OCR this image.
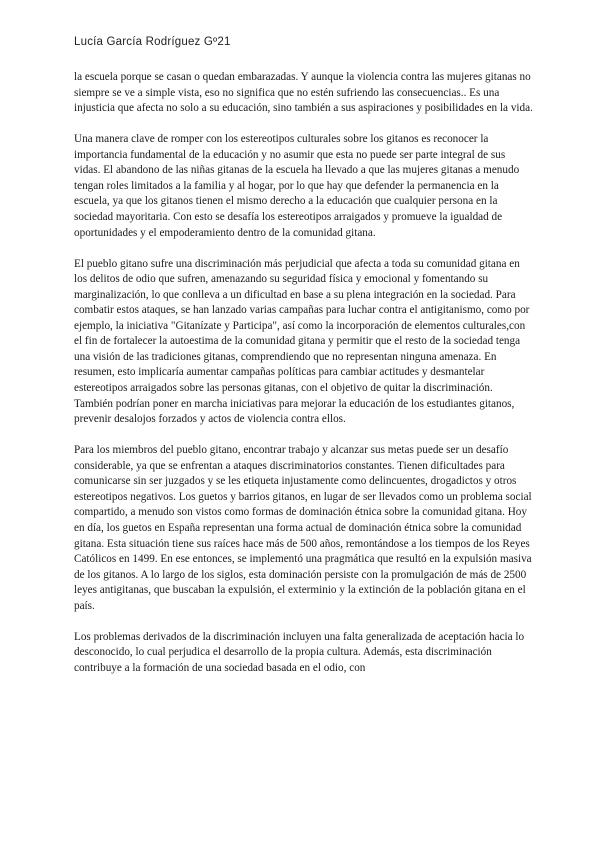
Lucía García Rodríguez Gº21

la escuela porque se casan o quedan embarazadas. Y aunque la violencia contra las mujeres gitanas no siempre se ve a simple vista, eso no significa que no estén sufriendo las consecuencias.. Es una injusticia que afecta no solo a su educación, sino también a sus aspiraciones y posibilidades en la vida.

Una manera clave de romper con los estereotipos culturales sobre los gitanos es reconocer la importancia fundamental de la educación y no asumir que esta no puede ser parte integral de sus vidas. El abandono de las niñas gitanas de la escuela ha llevado a que las mujeres gitanas a menudo tengan roles limitados a la familia y al hogar, por lo que hay que defender la permanencia en la escuela, ya que los gitanos tienen el mismo derecho a la educación que cualquier persona en la sociedad mayoritaria. Con esto se desafía los estereotipos arraigados y promueve la igualdad de oportunidades y el empoderamiento dentro de la comunidad gitana.

El pueblo gitano sufre una discriminación más perjudicial que afecta a toda su comunidad gitana en los delitos de odio que sufren, amenazando su seguridad física y emocional y fomentando su marginalización, lo que conlleva a un dificultad en base a su plena integración en la sociedad. Para combatir estos ataques, se han lanzado varias campañas para luchar contra el antigitanismo, como por ejemplo, la iniciativa "Gitanízate y Participa", así como la incorporación de elementos culturales,con el fin de fortalecer la autoestima de la comunidad gitana y permitir que el resto de la sociedad tenga una visión de las tradiciones gitanas, comprendiendo que no representan ninguna amenaza. En resumen, esto implicaría aumentar campañas políticas para cambiar actitudes y desmantelar estereotipos arraigados sobre las personas gitanas, con el objetivo de quitar la discriminación. También podrían poner en marcha iniciativas para mejorar la educación de los estudiantes gitanos, prevenir desalojos forzados y actos de violencia contra ellos.

Para los miembros del pueblo gitano, encontrar trabajo y alcanzar sus metas puede ser un desafío considerable, ya que se enfrentan a ataques discriminatorios constantes. Tienen dificultades para comunicarse sin ser juzgados y se les etiqueta injustamente como delincuentes, drogadictos y otros estereotipos negativos. Los guetos y barrios gitanos, en lugar de ser llevados como un problema social compartido, a menudo son vistos como formas de dominación étnica sobre la comunidad gitana. Hoy en día, los guetos en España representan una forma actual de dominación étnica sobre la comunidad gitana. Esta situación tiene sus raíces hace más de 500 años, remontándose a los tiempos de los Reyes Católicos en 1499. En ese entonces, se implementó una pragmática que resultó en la expulsión masiva de los gitanos. A lo largo de los siglos, esta dominación persiste con la promulgación de más de 2500 leyes antigitanas, que buscaban la expulsión, el exterminio y la extinción de la población gitana en el país.

Los problemas derivados de la discriminación incluyen una falta generalizada de aceptación hacia lo desconocido, lo cual perjudica el desarrollo de la propia cultura. Además, esta discriminación contribuye a la formación de una sociedad basada en el odio, con
